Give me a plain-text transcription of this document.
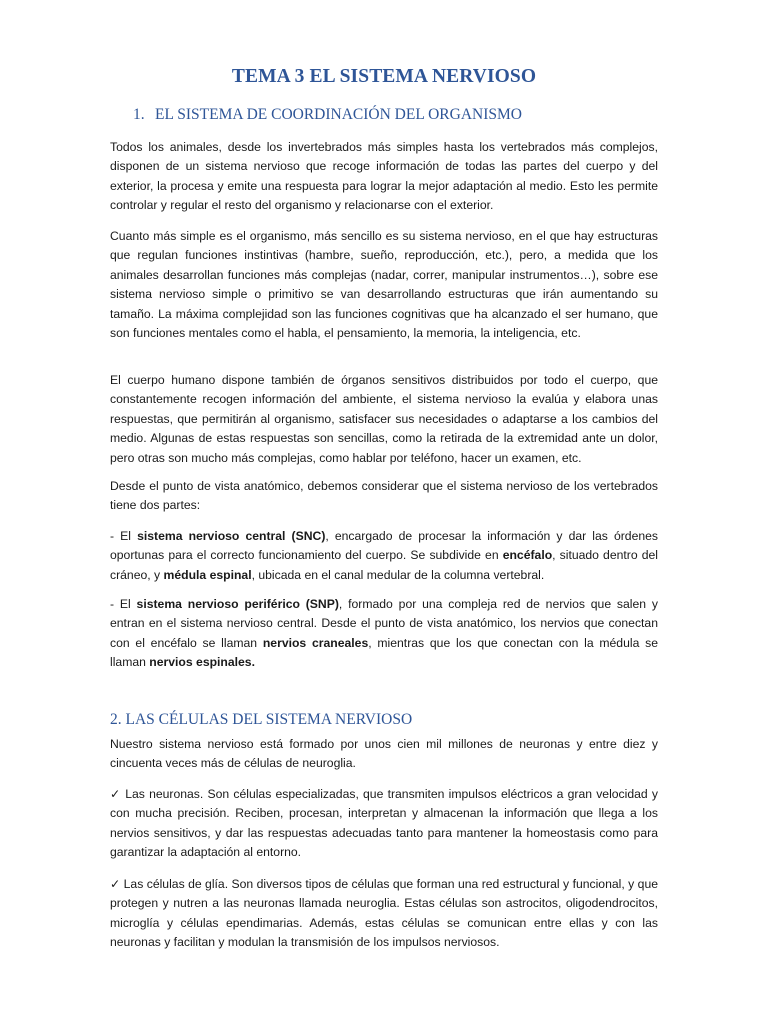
TEMA 3 EL SISTEMA NERVIOSO
1. EL SISTEMA DE COORDINACIÓN DEL ORGANISMO

Todos los animales, desde los invertebrados más simples hasta los vertebrados más complejos, disponen de un sistema nervioso que recoge información de todas las partes del cuerpo y del exterior, la procesa y emite una respuesta para lograr la mejor adaptación al medio. Esto les permite controlar y regular el resto del organismo y relacionarse con el exterior.

Cuanto más simple es el organismo, más sencillo es su sistema nervioso, en el que hay estructuras que regulan funciones instintivas (hambre, sueño, reproducción, etc.), pero, a medida que los animales desarrollan funciones más complejas (nadar, correr, manipular instrumentos…), sobre ese sistema nervioso simple o primitivo se van desarrollando estructuras que irán aumentando su tamaño. La máxima complejidad son las funciones cognitivas que ha alcanzado el ser humano, que son funciones mentales como el habla, el pensamiento, la memoria, la inteligencia, etc.

El cuerpo humano dispone también de órganos sensitivos distribuidos por todo el cuerpo, que constantemente recogen información del ambiente, el sistema nervioso la evalúa y elabora unas respuestas, que permitirán al organismo, satisfacer sus necesidades o adaptarse a los cambios del medio. Algunas de estas respuestas son sencillas, como la retirada de la extremidad ante un dolor, pero otras son mucho más complejas, como hablar por teléfono, hacer un examen, etc.

Desde el punto de vista anatómico, debemos considerar que el sistema nervioso de los vertebrados tiene dos partes:

- El sistema nervioso central (SNC), encargado de procesar la información y dar las órdenes oportunas para el correcto funcionamiento del cuerpo. Se subdivide en encéfalo, situado dentro del cráneo, y médula espinal, ubicada en el canal medular de la columna vertebral.

- El sistema nervioso periférico (SNP), formado por una compleja red de nervios que salen y entran en el sistema nervioso central. Desde el punto de vista anatómico, los nervios que conectan con el encéfalo se llaman nervios craneales, mientras que los que conectan con la médula se llaman nervios espinales.

2. LAS CÉLULAS DEL SISTEMA NERVIOSO

Nuestro sistema nervioso está formado por unos cien mil millones de neuronas y entre diez y cincuenta veces más de células de neuroglia.

✓ Las neuronas. Son células especializadas, que transmiten impulsos eléctricos a gran velocidad y con mucha precisión. Reciben, procesan, interpretan y almacenan la información que llega a los nervios sensitivos, y dar las respuestas adecuadas tanto para mantener la homeostasis como para garantizar la adaptación al entorno.

✓ Las células de glía. Son diversos tipos de células que forman una red estructural y funcional, y que protegen y nutren a las neuronas llamada neuroglia. Estas células son astrocitos, oligodendrocitos, microglía y células ependimarias. Además, estas células se comunican entre ellas y con las neuronas y facilitan y modulan la transmisión de los impulsos nerviosos.
